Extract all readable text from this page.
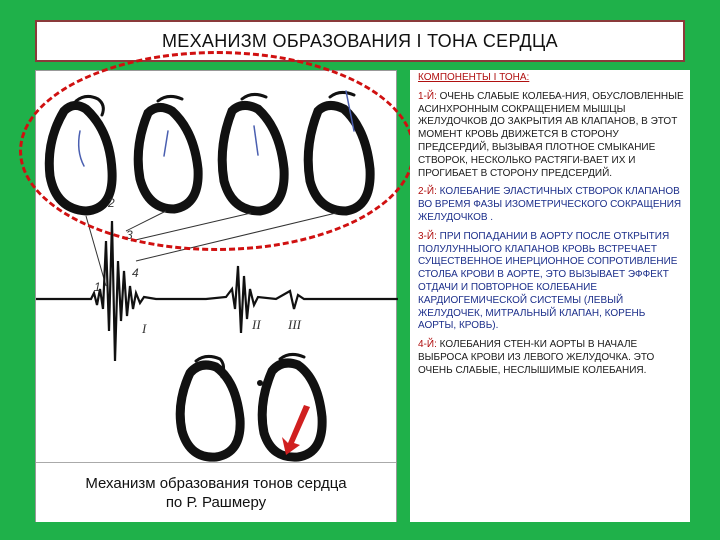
МЕХАНИЗМ ОБРАЗОВАНИЯ I ТОНА СЕРДЦА
1
2
3
4
I	II III
Механизм образования тонов сердца
по Р. Рашмеру
КОМПОНЕНТЫ I ТОНА:

1-Й: ОЧЕНЬ СЛАБЫЕ КОЛЕБА-НИЯ, ОБУСЛОВЛЕННЫЕ АСИНХРОННЫМ СОКРАЩЕНИЕМ МЫШЦЫ ЖЕЛУДОЧКОВ ДО ЗАКРЫТИЯ АВ КЛАПАНОВ, В ЭТОТ МОМЕНТ КРОВЬ ДВИЖЕТСЯ В СТОРОНУ ПРЕДСЕРДИЙ, ВЫЗЫВАЯ ПЛОТНОЕ СМЫКАНИЕ СТВОРОК, НЕСКОЛЬКО РАСТЯГИ-ВАЕТ ИХ И ПРОГИБАЕТ В СТОРОНУ ПРЕДСЕРДИЙ.

2-Й: КОЛЕБАНИЕ ЭЛАСТИЧНЫХ СТВОРОК КЛАПАНОВ ВО ВРЕМЯ ФАЗЫ ИЗОМЕТРИЧЕСКОГО СОКРАЩЕНИЯ ЖЕЛУДОЧКОВ .

3-Й: ПРИ ПОПАДАНИИ В АОРТУ ПОСЛЕ ОТКРЫТИЯ ПОЛУЛУННЫОГО КЛАПАНОВ КРОВЬ ВСТРЕЧАЕТ СУЩЕСТВЕННОЕ ИНЕРЦИОННОЕ СОПРОТИВЛЕНИЕ СТОЛБА КРОВИ В АОРТЕ, ЭТО ВЫЗЫВАЕТ ЭФФЕКТ ОТДАЧИ И ПОВТОРНОЕ КОЛЕБАНИЕ КАРДИОГЕМИЧЕСКОЙ СИСТЕМЫ (ЛЕВЫЙ ЖЕЛУДОЧЕК, МИТРАЛЬНЫЙ КЛАПАН, КОРЕНЬ АОРТЫ, КРОВЬ).

4-Й: КОЛЕБАНИЯ СТЕН-КИ АОРТЫ В НАЧАЛЕ ВЫБРОСА КРОВИ ИЗ ЛЕВОГО ЖЕЛУДОЧКА. ЭТО ОЧЕНЬ СЛАБЫЕ, НЕСЛЫШИМЫЕ КОЛЕБАНИЯ.
